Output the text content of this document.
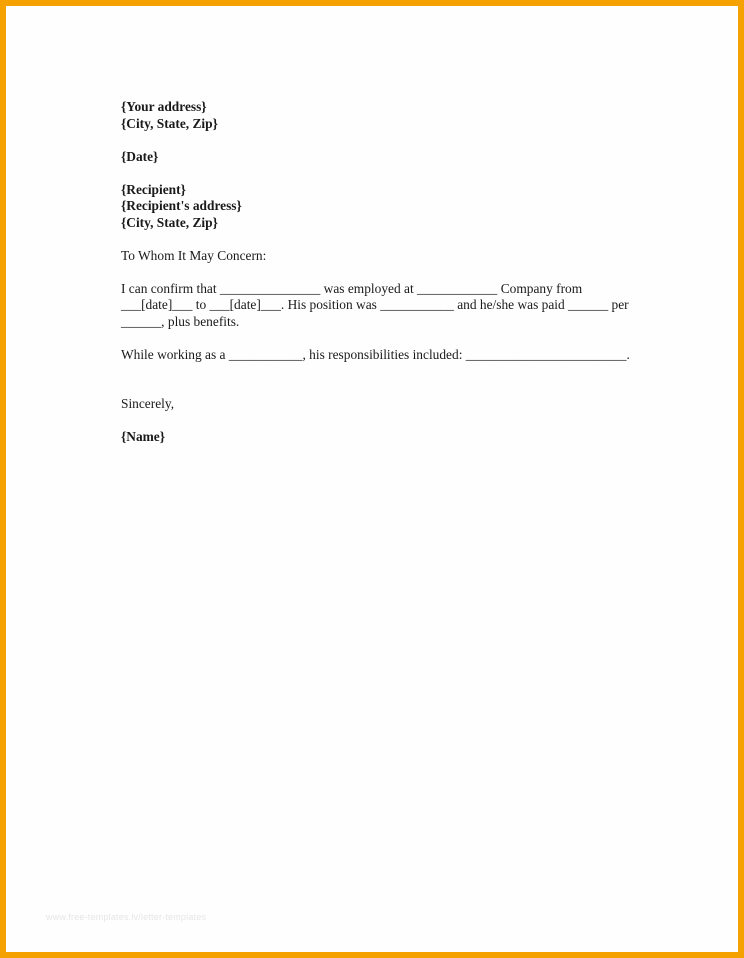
{Your address}
{City, State, Zip}
{Date}
{Recipient}
{Recipient's address}
{City, State, Zip}
To Whom It May Concern:
I can confirm that _______________ was employed at ____________ Company from
___[date]___ to ___[date]___. His position was ___________ and he/she was paid ______ per
______, plus benefits.
While working as a ___________, his responsibilities included: ________________________.
Sincerely,
{Name}
www.free-templates.lv/letter-templates
